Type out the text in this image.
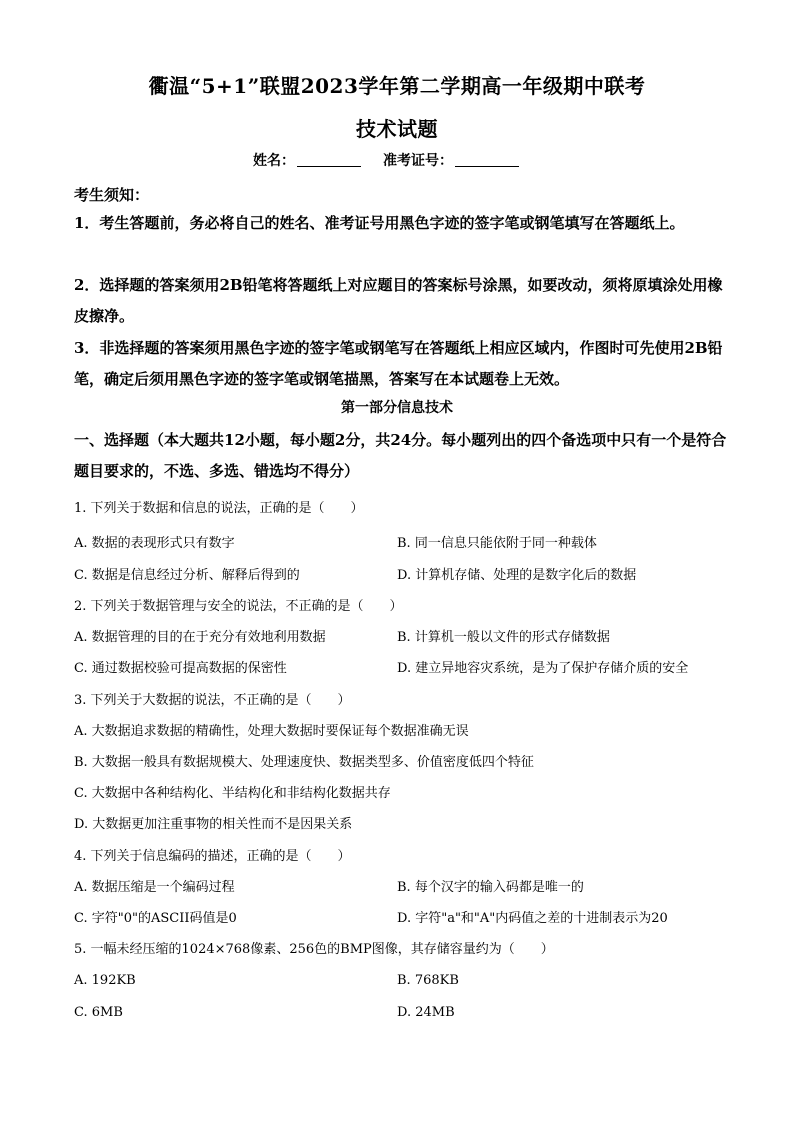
衢温“5+1”联盟2023学年第二学期高一年级期中联考
技术试题
姓名：	准考证号：
考生须知：
1．考生答题前，务必将自己的姓名、准考证号用黑色字迹的签字笔或钢笔填写在答题纸上。
2．选择题的答案须用2B铅笔将答题纸上对应题目的答案标号涂黑，如要改动，须将原填涂处用橡皮擦净。
3．非选择题的答案须用黑色字迹的签字笔或钢笔写在答题纸上相应区域内，作图时可先使用2B铅笔，确定后须用黑色字迹的签字笔或钢笔描黑，答案写在本试题卷上无效。
第一部分信息技术
一、选择题（本大题共12小题，每小题2分，共24分。每小题列出的四个备选项中只有一个是符合题目要求的，不选、多选、错选均不得分）
1. 下列关于数据和信息的说法，正确的是（　　）
A. 数据的表现形式只有数字	B. 同一信息只能依附于同一种载体
C. 数据是信息经过分析、解释后得到的	D. 计算机存储、处理的是数字化后的数据
2. 下列关于数据管理与安全的说法，不正确的是（　　）
A. 数据管理的目的在于充分有效地利用数据	B. 计算机一般以文件的形式存储数据
C. 通过数据校验可提高数据的保密性	D. 建立异地容灾系统，是为了保护存储介质的安全
3. 下列关于大数据的说法，不正确的是（　　）
A. 大数据追求数据的精确性，处理大数据时要保证每个数据准确无误
B. 大数据一般具有数据规模大、处理速度快、数据类型多、价值密度低四个特征
C. 大数据中各种结构化、半结构化和非结构化数据共存
D. 大数据更加注重事物的相关性而不是因果关系
4. 下列关于信息编码的描述，正确的是（　　）
A. 数据压缩是一个编码过程	B. 每个汉字的输入码都是唯一的
C. 字符"0"的ASCII码值是0	D. 字符"a"和"A"内码值之差的十进制表示为20
5. 一幅未经压缩的1024×768像素、256色的BMP图像，其存储容量约为（　　）
A. 192KB	B. 768KB
C. 6MB	D. 24MB
